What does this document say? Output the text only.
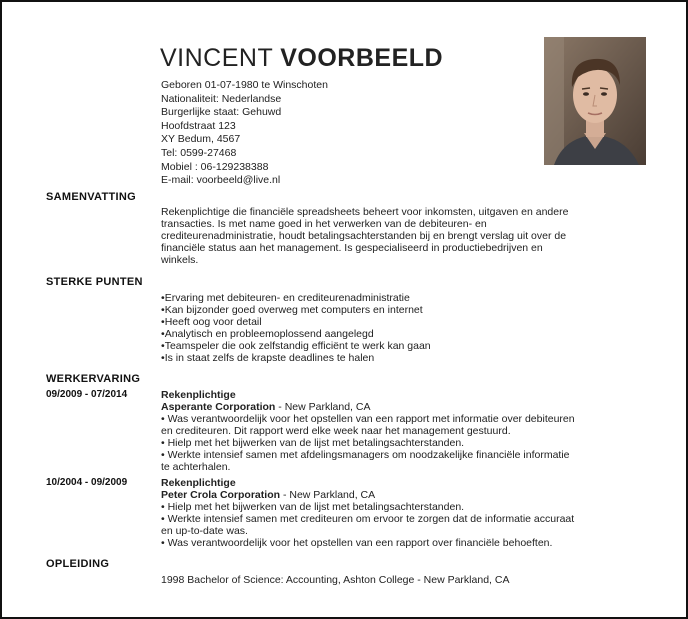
VINCENT VOORBEELD
Geboren 01-07-1980 te Winschoten
Nationaliteit: Nederlandse
Burgerlijke staat: Gehuwd
Hoofdstraat 123
XY Bedum, 4567
Tel: 0599-27468
Mobiel : 06-129238388
E-mail: voorbeeld@live.nl
SAMENVATTING
Rekenplichtige die financiële spreadsheets beheert voor inkomsten, uitgaven en andere
transacties. Is met name goed in het verwerken van de debiteuren- en
crediteurenadministratie, houdt betalingsachterstanden bij en brengt verslag uit over de
financiële status aan het management. Is gespecialiseerd in productiebedrijven en
winkels.
STERKE PUNTEN
• Ervaring met debiteuren- en crediteurenadministratie
• Kan bijzonder goed overweg met computers en internet
• Heeft oog voor detail
• Analytisch en probleemoplossend aangelegd
• Teamspeler die ook zelfstandig efficiënt te werk kan gaan
• Is in staat zelfs de krapste deadlines te halen
WERKERVARING
09/2009 - 07/2014	Rekenplichtige
Asperante Corporation - New Parkland, CA
• Was verantwoordelijk voor het opstellen van een rapport met informatie over debiteuren
en crediteuren. Dit rapport werd elke week naar het management gestuurd.
• Hielp met het bijwerken van de lijst met betalingsachterstanden.
• Werkte intensief samen met afdelingsmanagers om noodzakelijke financiële informatie
te achterhalen.
10/2004 - 09/2009	Rekenplichtige
Peter Crola Corporation - New Parkland, CA
• Hielp met het bijwerken van de lijst met betalingsachterstanden.
• Werkte intensief samen met crediteuren om ervoor te zorgen dat de informatie accuraat
en up-to-date was.
• Was verantwoordelijk voor het opstellen van een rapport over financiële behoeften.
OPLEIDING
1998 Bachelor of Science: Accounting, Ashton College - New Parkland, CA
